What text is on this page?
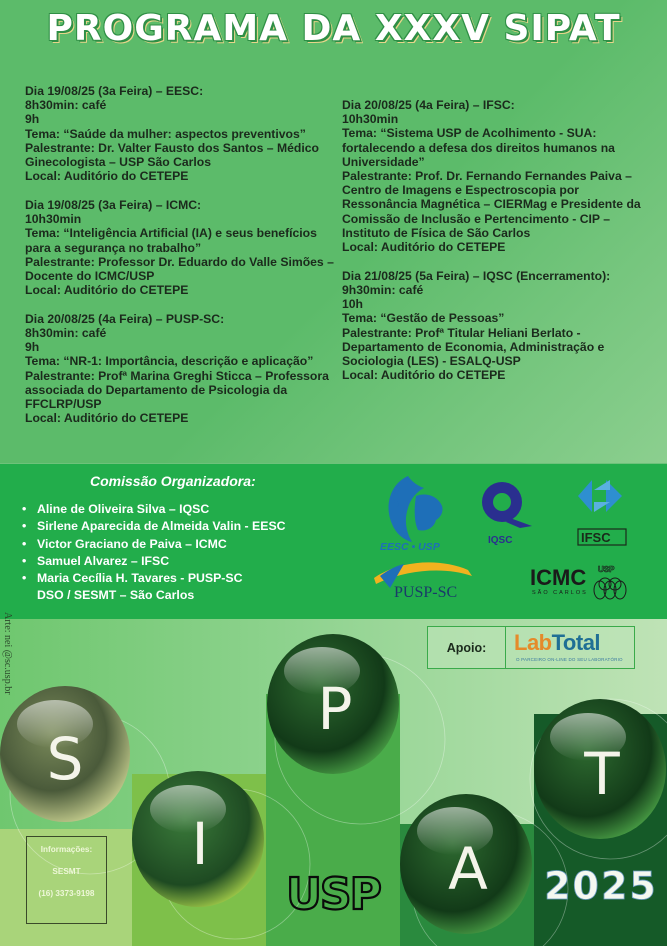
PROGRAMA DA XXXV SIPAT
Dia 19/08/25 (3a Feira) – EESC:
8h30min: café
9h
Tema: “Saúde da mulher: aspectos preventivos”
Palestrante: Dr. Valter Fausto dos Santos – Médico Ginecologista – USP São Carlos
Local: Auditório do CETEPE
Dia 19/08/25 (3a Feira) – ICMC:
10h30min
Tema: “Inteligência Artificial (IA) e seus benefícios para a segurança no trabalho”
Palestrante: Professor Dr. Eduardo do Valle Simões – Docente do ICMC/USP
Local: Auditório do CETEPE
Dia 20/08/25 (4a Feira) – PUSP-SC:
8h30min: café
9h
Tema: “NR-1: Importância, descrição e aplicação”
Palestrante: Profª Marina Greghi Sticca – Professora associada do Departamento de Psicologia da FFCLRP/USP
Local: Auditório do CETEPE
Dia 20/08/25 (4a Feira) – IFSC:
10h30min
Tema: “Sistema USP de Acolhimento - SUA: fortalecendo a defesa dos direitos humanos na Universidade”
Palestrante: Prof. Dr. Fernando Fernandes Paiva – Centro de Imagens e Espectroscopia por Ressonância Magnética – CIERMag e Presidente da Comissão de Inclusão e Pertencimento - CIP – Instituto de Física de São Carlos
Local: Auditório do CETEPE
Dia 21/08/25 (5a Feira) – IQSC (Encerramento):
9h30min: café
10h
Tema: “Gestão de Pessoas”
Palestrante: Profª Titular Heliani Berlato - Departamento de Economia, Administração e Sociologia (LES) - ESALQ-USP
Local: Auditório do CETEPE
Comissão Organizadora:
• Aline de Oliveira Silva – IQSC
• Sirlene Aparecida de Almeida Valin - EESC
• Victor Graciano de Paiva – ICMC
• Samuel Alvarez – IFSC
• Maria Cecília H. Tavares - PUSP-SC
DSO / SESMT – São Carlos
EESC • USP
IQSC	IFSC
PUSP-SC
ICMC
SÃO CARLOS
USP
S
I
P
A
T
USP	2025
Arte: nei @sc.usp.br
Informações:
SESMT
(16) 3373-9198
Apoio:	LabTotal
O PARCEIRO ON-LINE DO SEU LABORATÓRIO
